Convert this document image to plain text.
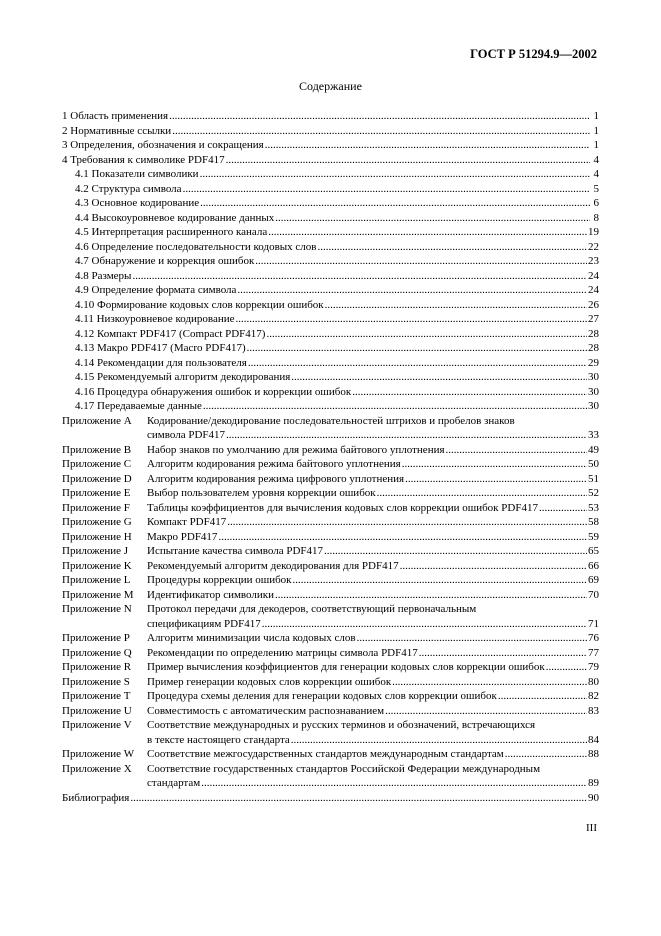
ГОСТ Р 51294.9—2002
Содержание
1 Область применения .....	1
2 Нормативные ссылки .....	1
3 Определения, обозначения и сокращения .....	1
4 Требования к символике PDF417 .....	4
4.1 Показатели символики .....	4
4.2 Структура символа .....	5
4.3 Основное кодирование .....	6
4.4 Высокоуровневое кодирование данных .....	8
4.5 Интерпретация расширенного канала .....	19
4.6 Определение последовательности кодовых слов .....	22
4.7 Обнаружение и коррекция ошибок .....	23
4.8 Размеры .....	24
4.9 Определение формата символа .....	24
4.10 Формирование кодовых слов коррекции ошибок .....	26
4.11 Низкоуровневое кодирование .....	27
4.12 Компакт PDF417 (Compact PDF417) .....	28
4.13 Макро PDF417 (Macro PDF417) .....	28
4.14 Рекомендации для пользователя .....	29
4.15 Рекомендуемый алгоритм декодирования .....	30
4.16 Процедура обнаружения ошибок и коррекции ошибок .....	30
4.17 Передаваемые данные .....	30
Приложение A	Кодирование/декодирование последовательностей штрихов и пробелов знаков
символа PDF417 .....	33
Приложение B	Набор знаков по умолчанию для режима байтового уплотнения .....	49
Приложение C	Алгоритм кодирования режима байтового уплотнения .....	50
Приложение D	Алгоритм кодирования режима цифрового уплотнения .....	51
Приложение E	Выбор пользователем уровня коррекции ошибок .....	52
Приложение F	Таблицы коэффициентов для вычисления кодовых слов коррекции ошибок PDF417 .....	53
Приложение G	Компакт PDF417 .....	58
Приложение H	Макро PDF417 .....	59
Приложение J	Испытание качества символа PDF417 .....	65
Приложение K	Рекомендуемый алгоритм декодирования для PDF417 .....	66
Приложение L	Процедуры коррекции ошибок .....	69
Приложение M	Идентификатор символики .....	70
Приложение N	Протокол передачи для декодеров, соответствующий первоначальным
спецификациям PDF417 .....	71
Приложение P	Алгоритм минимизации числа кодовых слов .....	76
Приложение Q	Рекомендации по определению матрицы символа PDF417 .....	77
Приложение R	Пример вычисления коэффициентов для генерации кодовых слов коррекции ошибок .....	79
Приложение S	Пример генерации кодовых слов коррекции ошибок .....	80
Приложение T	Процедура схемы деления для генерации кодовых слов коррекции ошибок .....	82
Приложение U	Совместимость с автоматическим распознаванием .....	83
Приложение V	Соответствие международных и русских терминов и обозначений, встречающихся
в тексте настоящего стандарта .....	84
Приложение W	Соответствие межгосударственных стандартов международным стандартам .....	88
Приложение X	Соответствие государственных стандартов Российской Федерации международным
стандартам .....	89
Библиография .....	90
III
